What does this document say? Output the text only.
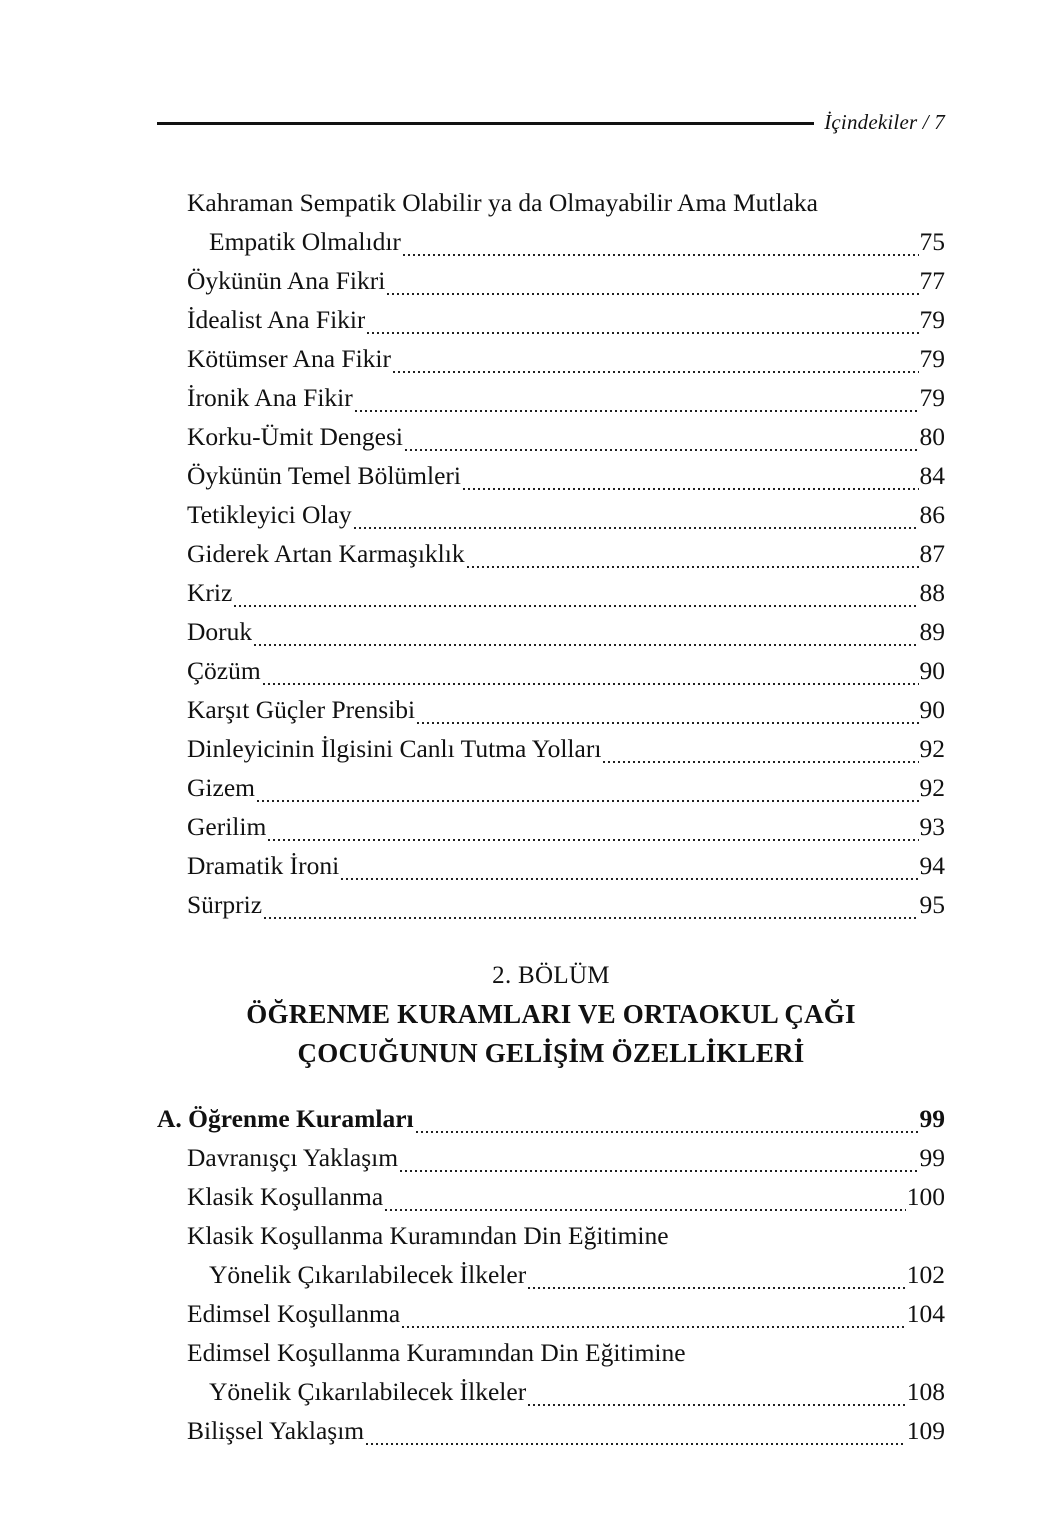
İçindekiler / 7
Kahraman Sempatik Olabilir ya da Olmayabilir Ama Mutlaka
Empatik Olmalıdır	75
Öykünün Ana Fikri	77
İdealist Ana Fikir	79
Kötümser Ana Fikir	79
İronik Ana Fikir	79
Korku-Ümit Dengesi	80
Öykünün Temel Bölümleri	84
Tetikleyici Olay	86
Giderek Artan Karmaşıklık	87
Kriz	88
Doruk	89
Çözüm	90
Karşıt Güçler Prensibi	90
Dinleyicinin İlgisini Canlı Tutma Yolları	92
Gizem	92
Gerilim	93
Dramatik İroni	94
Sürpriz	95
2. BÖLÜM
ÖĞRENME KURAMLARI VE ORTAOKUL ÇAĞI
ÇOCUĞUNUN GELİŞİM ÖZELLİKLERİ
A. Öğrenme Kuramları	99
Davranışçı Yaklaşım	99
Klasik Koşullanma	100
Klasik Koşullanma Kuramından Din Eğitimine
Yönelik Çıkarılabilecek İlkeler	102
Edimsel Koşullanma	104
Edimsel Koşullanma Kuramından Din Eğitimine
Yönelik Çıkarılabilecek İlkeler	108
Bilişsel Yaklaşım	109
